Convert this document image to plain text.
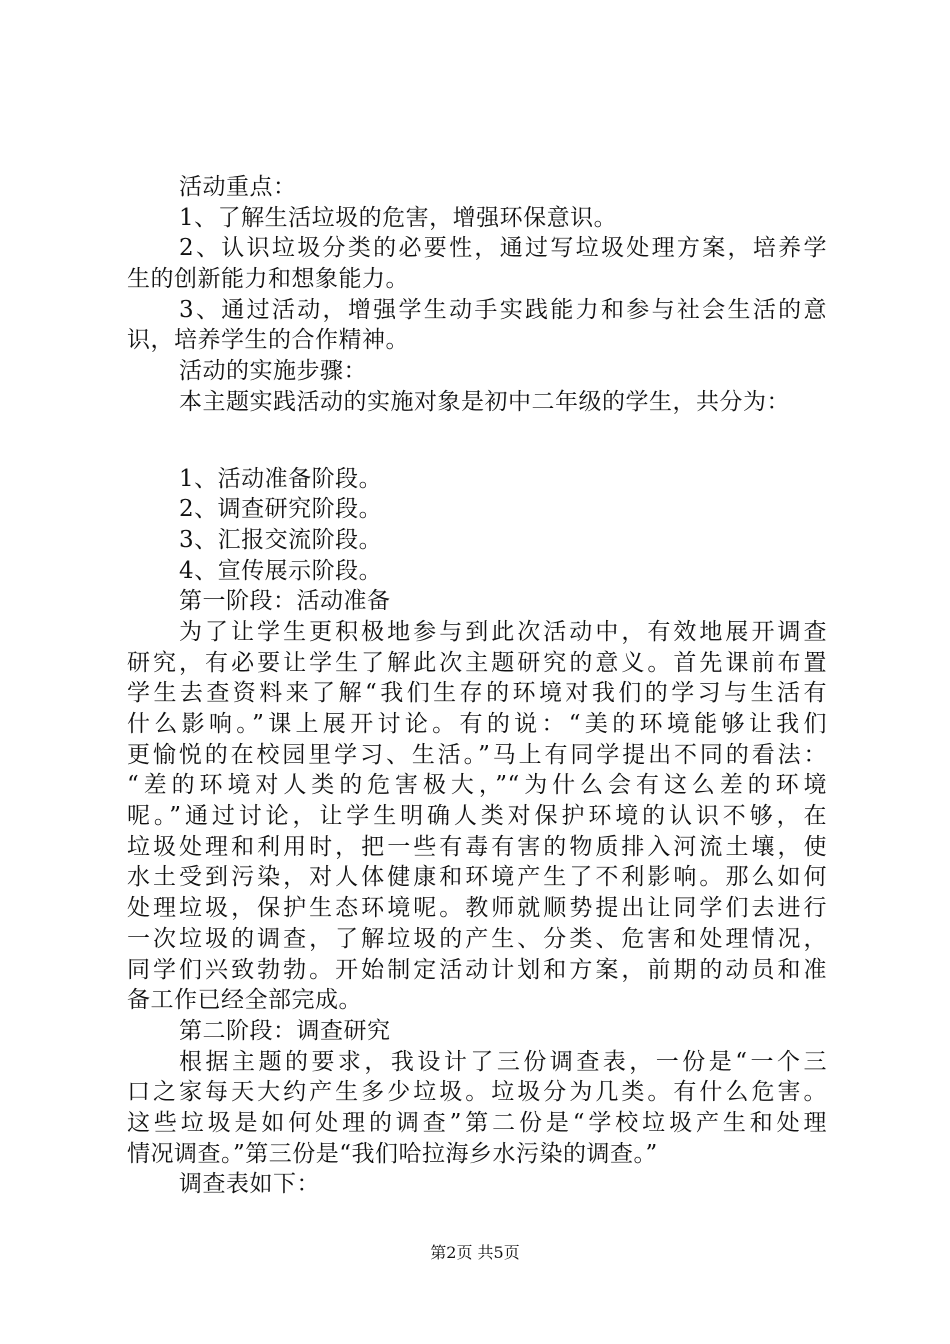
活动重点：
1、了解生活垃圾的危害，增强环保意识。
2、认识垃圾分类的必要性，通过写垃圾处理方案，培养学
生的创新能力和想象能力。
3、通过活动，增强学生动手实践能力和参与社会生活的意
识，培养学生的合作精神。
活动的实施步骤：
本主题实践活动的实施对象是初中二年级的学生，共分为：
1、活动准备阶段。
2、调查研究阶段。
3、汇报交流阶段。
4、宣传展示阶段。
第一阶段：活动准备
为了让学生更积极地参与到此次活动中，有效地展开调查
研究，有必要让学生了解此次主题研究的意义。首先课前布置
学生去查资料来了解“我们生存的环境对我们的学习与生活有
什么影响。”课上展开讨论。有的说：“美的环境能够让我们
更愉悦的在校园里学习、生活。”马上有同学提出不同的看法：
“差的环境对人类的危害极大，”“为什么会有这么差的环境
呢。”通过讨论，让学生明确人类对保护环境的认识不够，在
垃圾处理和利用时，把一些有毒有害的物质排入河流土壤，使
水土受到污染，对人体健康和环境产生了不利影响。那么如何
处理垃圾，保护生态环境呢。教师就顺势提出让同学们去进行
一次垃圾的调查，了解垃圾的产生、分类、危害和处理情况，
同学们兴致勃勃。开始制定活动计划和方案，前期的动员和准
备工作已经全部完成。
第二阶段：调查研究
根据主题的要求，我设计了三份调查表，一份是“一个三
口之家每天大约产生多少垃圾。垃圾分为几类。有什么危害。
这些垃圾是如何处理的调查”第二份是“学校垃圾产生和处理
情况调查。”第三份是“我们哈拉海乡水污染的调查。”
调查表如下：
第2页 共5页
